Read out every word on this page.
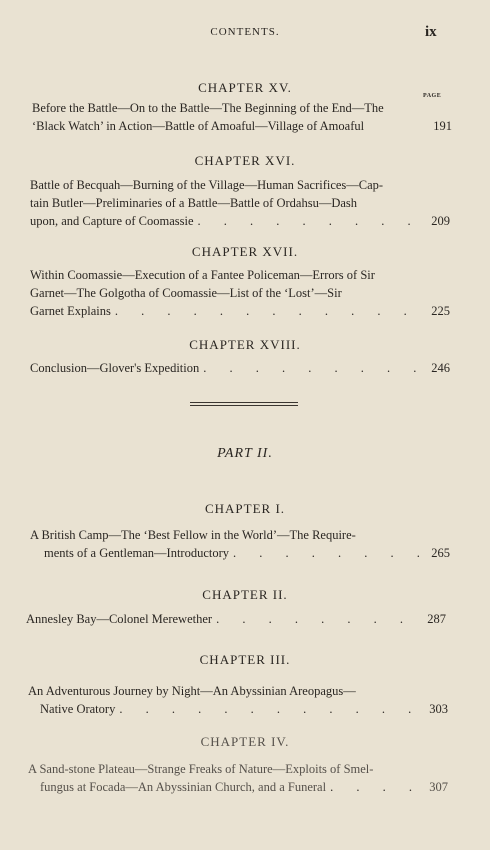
CONTENTS.	ix
CHAPTER XV.
PAGE
Before the Battle—On to the Battle—The Beginning of the End—The
‘Black Watch’ in Action—Battle of Amoaful—Village of Amoaful	191
CHAPTER XVI.
Battle of Becquah—Burning of the Village—Human Sacrifices—Cap-
tain Butler—Preliminaries of a Battle—Battle of Ordahsu—Dash
upon, and Capture of Coomassie . . .	209
CHAPTER XVII.
Within Coomassie—Execution of a Fantee Policeman—Errors of Sir
Garnet—The Golgotha of Coomassie—List of the ‘Lost’—Sir
Garnet Explains . . .	225
CHAPTER XVIII.
Conclusion—Glover's Expedition . . .	246
PART II.
CHAPTER I.
A British Camp—The ‘Best Fellow in the World’—The Require-
ments of a Gentleman—Introductory . . .	265
CHAPTER II.
Annesley Bay—Colonel Merewether . . .	287
CHAPTER III.
An Adventurous Journey by Night—An Abyssinian Areopagus—
Native Oratory . . .	303
CHAPTER IV.
A Sand-stone Plateau—Strange Freaks of Nature—Exploits of Smel-
fungus at Focada—An Abyssinian Church, and a Funeral . . .	307
